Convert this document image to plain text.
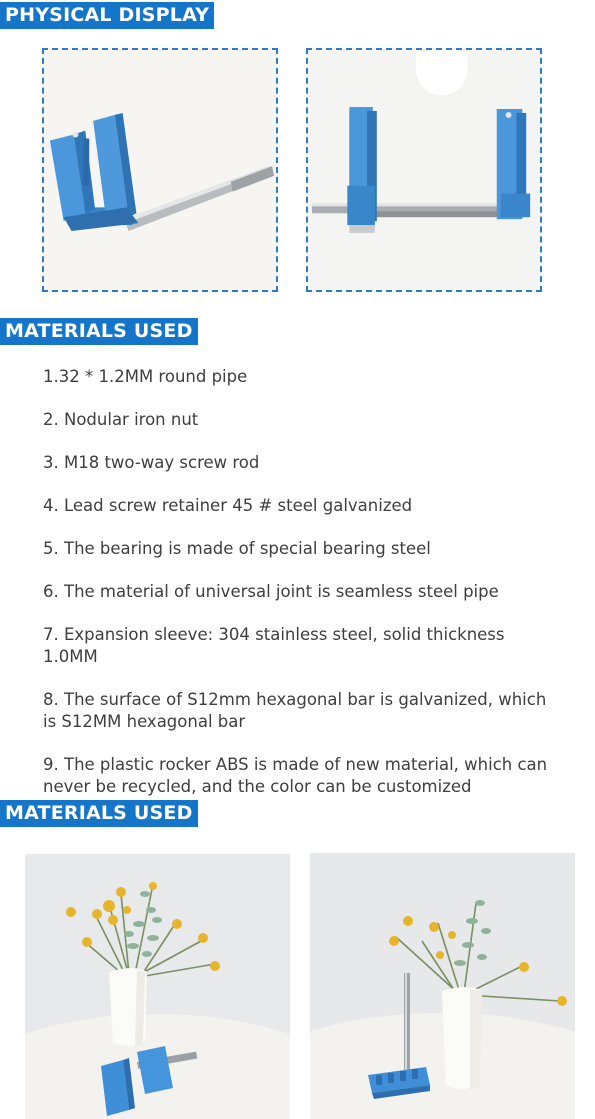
PHYSICAL DISPLAY
MATERIALS USED
1.32 * 1.2MM round pipe
2. Nodular iron nut
3. M18 two-way screw rod
4. Lead screw retainer 45 # steel galvanized
5. The bearing is made of special bearing steel
6. The material of universal joint is seamless steel pipe
7. Expansion sleeve: 304 stainless steel, solid thickness 1.0MM
8. The surface of S12mm hexagonal bar is galvanized, which is S12MM hexagonal bar
9. The plastic rocker ABS is made of new material, which can never be recycled, and the color can be customized
MATERIALS USED
